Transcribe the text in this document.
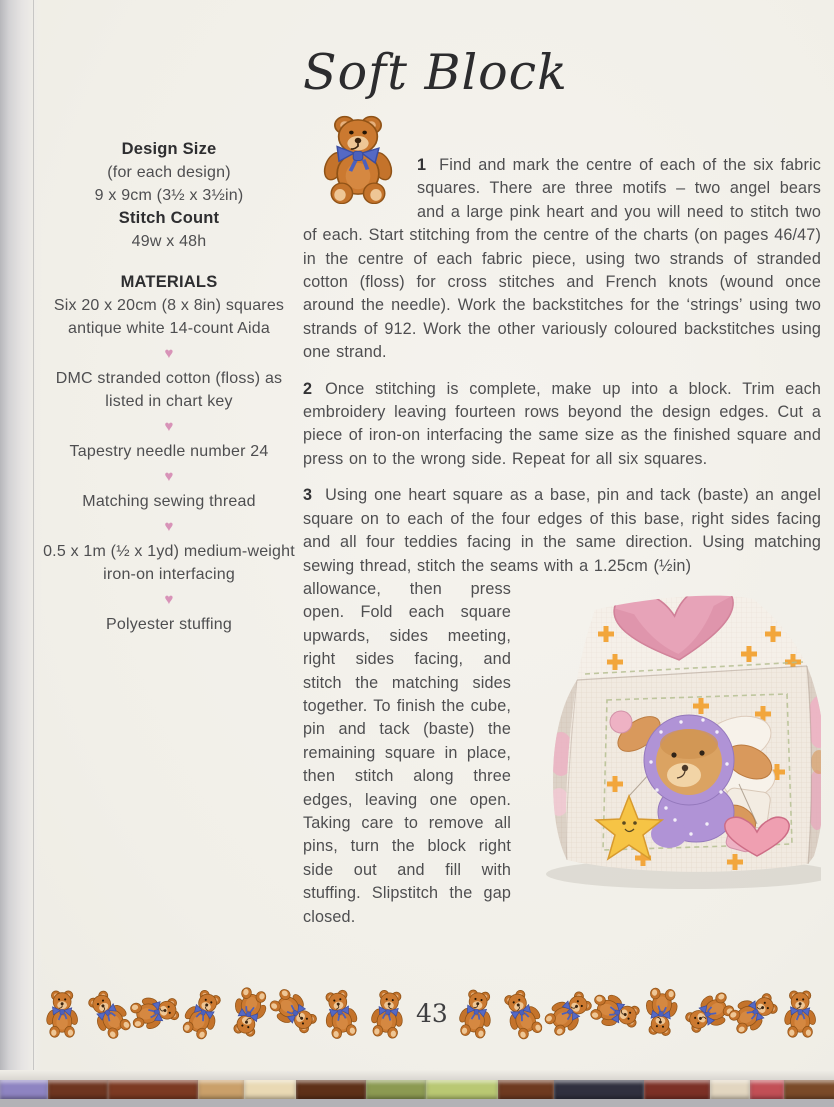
Soft Block
Design Size
(for each design)
9 x 9cm (3½ x 3½in)
Stitch Count
49w x 48h
MATERIALS
Six 20 x 20cm (8 x 8in) squares antique white 14-count Aida
♥
DMC stranded cotton (floss) as listed in chart key
♥
Tapestry needle number 24
♥
Matching sewing thread
♥
0.5 x 1m (½ x 1yd) medium-weight iron-on interfacing
♥
Polyester stuffing

1 Find and mark the centre of each of the six fabric squares. There are three motifs – two angel bears and a large pink heart and you will need to stitch two of each. Start stitching from the centre of the charts (on pages 46/47) in the centre of each fabric piece, using two strands of stranded cotton (floss) for cross stitches and French knots (wound once around the needle). Work the backstitches for the ‘strings’ using two strands of 912. Work the other variously coloured backstitches using one strand.

2 Once stitching is complete, make up into a block. Trim each embroidery leaving fourteen rows beyond the design edges. Cut a piece of iron-on interfacing the same size as the finished square and press on to the wrong side. Repeat for all six squares.

3 Using one heart square as a base, pin and tack (baste) an angel square on to each of the four edges of this base, right sides facing and all four teddies facing in the same direction. Using matching sewing thread, stitch the seams with a 1.25cm (½in)

allowance, then press open. Fold each square upwards, sides meeting, right sides facing, and stitch the matching sides together. To finish the cube, pin and tack (baste) the remaining square in place, then stitch along three edges, leaving one open. Taking care to remove all pins, turn the block right side out and fill with stuffing. Slipstitch the gap closed.

43
